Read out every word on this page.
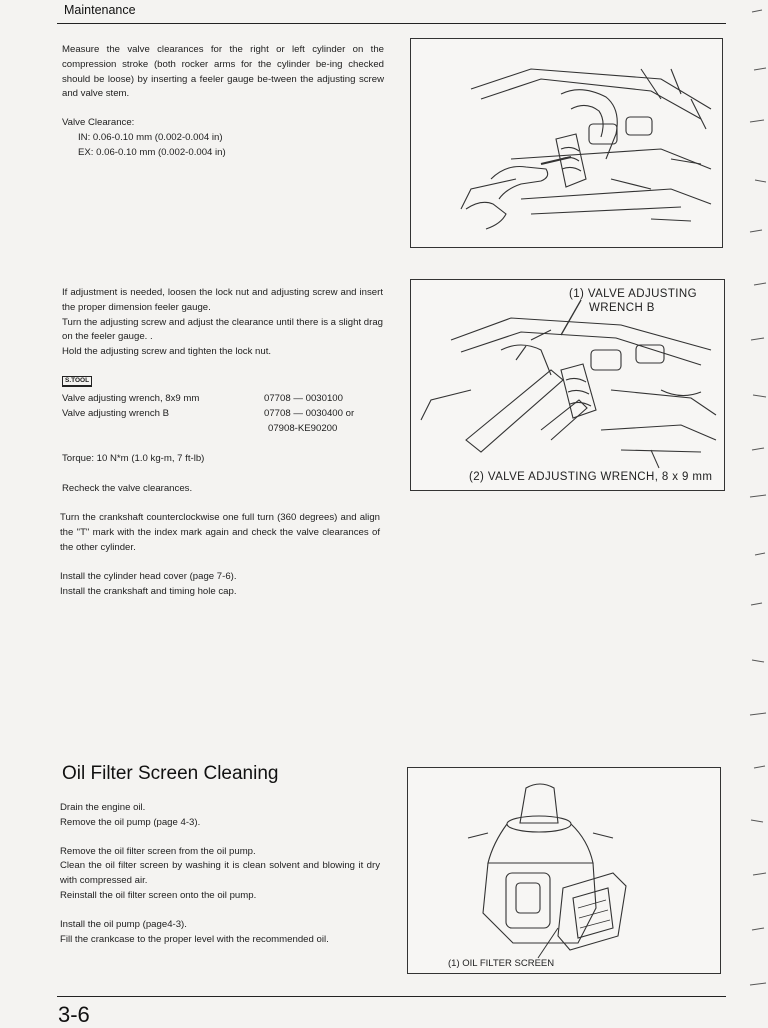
Maintenance

Measure the valve clearances for the right or left cylinder on the compression stroke (both rocker arms for the cylinder be-ing checked should be loose) by inserting a feeler gauge be-tween the adjusting screw and valve stem.

Valve Clearance:

IN: 0.06-0.10 mm (0.002-0.004 in)

EX: 0.06-0.10 mm (0.002-0.004 in)

If adjustment is needed, loosen the lock nut and adjusting screw and insert the proper dimension feeler gauge.

Turn the adjusting screw and adjust the clearance until there is a slight drag on the feeler gauge. .

Hold the adjusting screw and tighten the lock nut.

S.TOOL

Valve adjusting wrench, 8x9 mm

Valve adjusting wrench B

07708 — 0030100

07708 — 0030400 or

07908-KE90200

Torque: 10 N*m (1.0 kg-m, 7 ft-lb)
Recheck the valve clearances.
Turn the crankshaft counterclockwise one full turn (360 degrees) and align the "T" mark with the index mark again and check the valve clearances of the other cylinder.

Install the cylinder head cover (page 7-6).

Install the crankshaft and timing hole cap.

(1) VALVE ADJUSTING
WRENCH B
(2) VALVE ADJUSTING WRENCH, 8 x 9 mm
Oil Filter Screen Cleaning

Drain the engine oil.

Remove the oil pump (page 4-3).

Remove the oil filter screen from the oil pump.

Clean the oil filter screen by washing it is clean solvent and blowing it dry with compressed air.

Reinstall the oil filter screen onto the oil pump.

Install the oil pump (page4-3).

Fill the crankcase to the proper level with the recommended oil.

(1) OIL FILTER SCREEN
3-6
